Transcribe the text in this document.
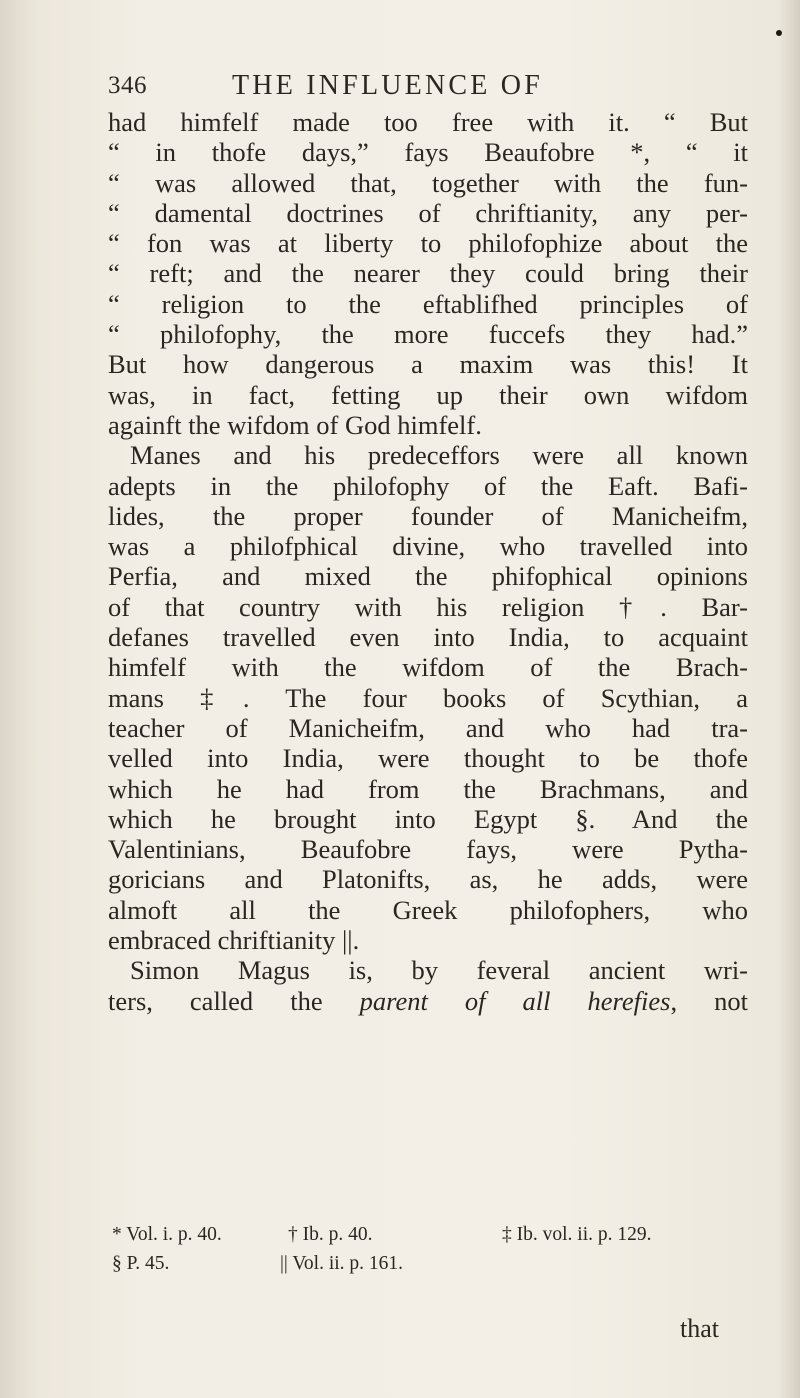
346	THE INFLUENCE OF
had himfelf made too free with it. “ But
“ in thofe days,” fays Beaufobre *, “ it
“ was allowed that, together with the fun-
“ damental doctrines of chriftianity, any per-
“ fon was at liberty to philofophize about the
“ reft; and the nearer they could bring their
“ religion to the eftablifhed principles of
“ philofophy, the more fuccefs they had.”
But how dangerous a maxim was this! It
was, in fact, fetting up their own wifdom
againft the wifdom of God himfelf.
Manes and his predeceffors were all known
adepts in the philofophy of the Eaft. Bafi-
lides, the proper founder of Manicheifm,
was a philofphical divine, who travelled into
Perfia, and mixed the phifophical opinions
of that country with his religion †. Bar-
defanes travelled even into India, to acquaint
himfelf with the wifdom of the Brach-
mans ‡. The four books of Scythian, a
teacher of Manicheifm, and who had tra-
velled into India, were thought to be thofe
which he had from the Brachmans, and
which he brought into Egypt §. And the
Valentinians, Beaufobre fays, were Pytha-
goricians and Platonifts, as, he adds, were
almoft all the Greek philofophers, who
embraced chriftianity ||.
Simon Magus is, by feveral ancient wri-
ters, called the parent of all herefies, not
* Vol. i. p. 40.	† Ib. p. 40.	‡ Ib. vol. ii. p. 129.
§ P. 45.	|| Vol. ii. p. 161.
that
